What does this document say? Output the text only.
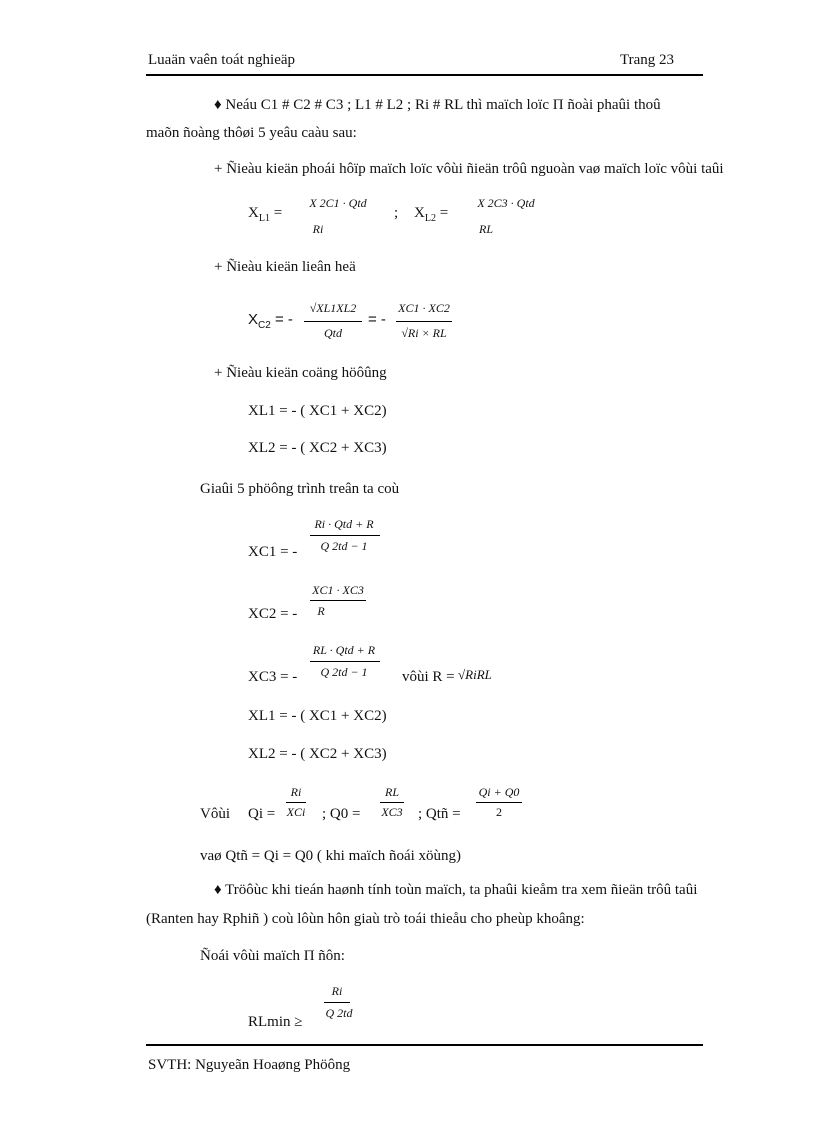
Luaän vaên toát nghieäp	Trang 23
♦ Neáu C1 # C2 # C3 ; L1 # L2 ; Ri # RL thì maïch loïc Π ñoài phaûi thoû
maõn ñoàng thôøi 5 yeâu caàu sau:
+ Ñieàu kieän phoái hôïp maïch loïc vôùi ñieän trôû nguoàn vaø maïch loïc vôùi taûi
$X_{L1}$ =
X 2C1 · Qtd
Ri
; $X_{L2}$ =
X 2C3 · Qtd
RL
+ Ñieàu kieän lieân heä
$X_{C2}$ = -
√XL1XL2
Qtd
= -
XC1 · XC2
√Ri × RL
+ Ñieàu kieän coäng höôûng
XL1 = - ( XC1 + XC2)
XL2 = - ( XC2 + XC3)
Giaûi 5 phöông trình treân ta coù
XC1 = -
Ri · Qtd + R
Q 2td − 1
XC2 = -
XC1 · XC3
R
XC3 = -
RL · Qtd + R
Q 2td − 1	vôùi R = √RiRL
XL1 = - ( XC1 + XC2)
XL2 = - ( XC2 + XC3)
Vôùi Qi =
Ri
XCi	; Q0 =
RL
XC3	; Qtñ =
Qi + Q0
2
vaø Qtñ = Qi = Q0 ( khi maïch ñoái xöùng)
♦ Tröôùc khi tieán haønh tính toùn maïch, ta phaûi kieåm tra xem ñieän trôû taûi
(Ranten hay Rphiñ ) coù lôùn hôn giaù trò toái thieåu cho pheùp khoâng:
Ñoái vôùi maïch Π ñôn:
RLmin ≥
Ri
Q 2td
SVTH: Nguyeãn Hoaøng Phöông
